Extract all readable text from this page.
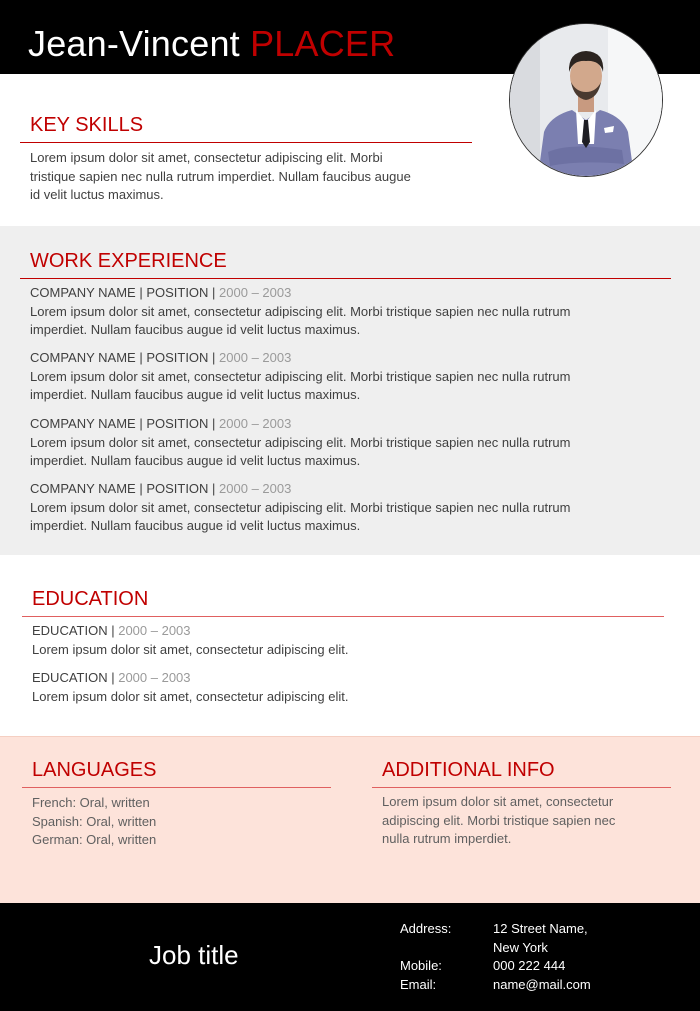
Jean-Vincent PLACER
KEY SKILLS
Lorem ipsum dolor sit amet, consectetur adipiscing elit. Morbi
tristique sapien nec nulla rutrum imperdiet. Nullam faucibus augue
id velit luctus maximus.
WORK EXPERIENCE
COMPANY NAME | POSITION | 2000 – 2003
Lorem ipsum dolor sit amet, consectetur adipiscing elit. Morbi tristique sapien nec nulla rutrum
imperdiet. Nullam faucibus augue id velit luctus maximus.
COMPANY NAME | POSITION | 2000 – 2003
Lorem ipsum dolor sit amet, consectetur adipiscing elit. Morbi tristique sapien nec nulla rutrum
imperdiet. Nullam faucibus augue id velit luctus maximus.
COMPANY NAME | POSITION | 2000 – 2003
Lorem ipsum dolor sit amet, consectetur adipiscing elit. Morbi tristique sapien nec nulla rutrum
imperdiet. Nullam faucibus augue id velit luctus maximus.
COMPANY NAME | POSITION | 2000 – 2003
Lorem ipsum dolor sit amet, consectetur adipiscing elit. Morbi tristique sapien nec nulla rutrum
imperdiet. Nullam faucibus augue id velit luctus maximus.
EDUCATION
EDUCATION | 2000 – 2003
Lorem ipsum dolor sit amet, consectetur adipiscing elit.
EDUCATION | 2000 – 2003
Lorem ipsum dolor sit amet, consectetur adipiscing elit.
LANGUAGES
French: Oral, written
Spanish: Oral, written
German: Oral, written
ADDITIONAL INFO
Lorem ipsum dolor sit amet, consectetur
adipiscing elit. Morbi tristique sapien nec
nulla rutrum imperdiet.
Job title
Address:	12 Street Name,
New York
Mobile:	000 222 444
Email:	name@mail.com
